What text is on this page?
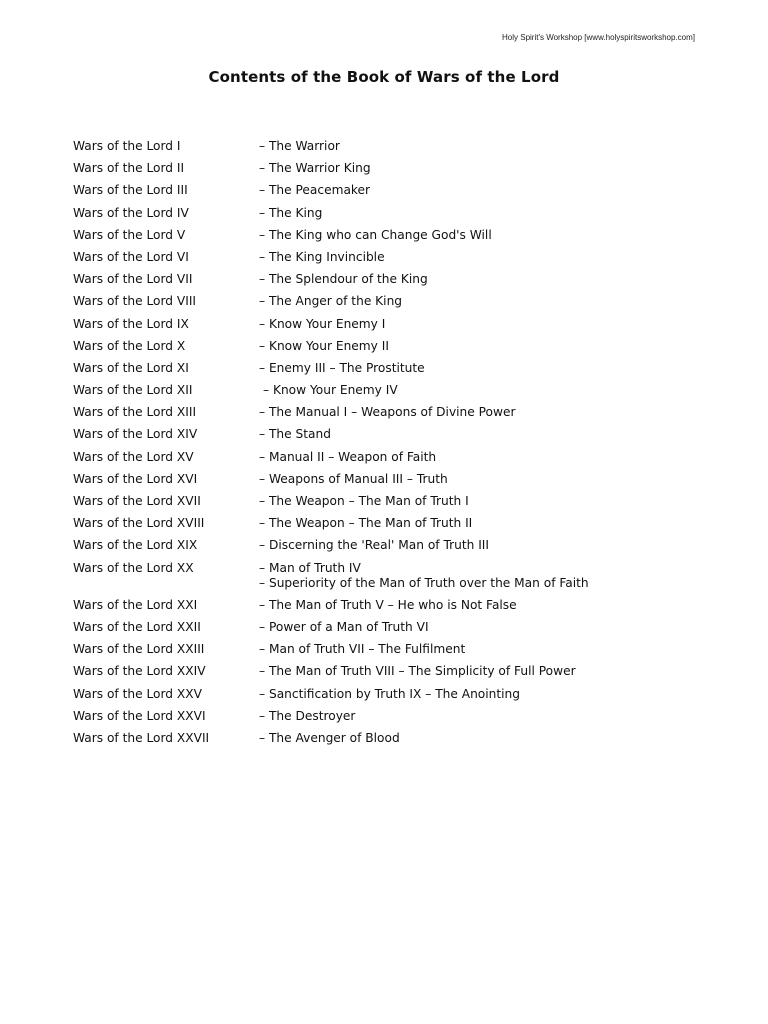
Holy Spirit's Workshop [www.holyspiritsworkshop.com]
Contents of the Book of Wars of the Lord
Wars of the Lord I	– The Warrior
Wars of the Lord II	– The Warrior King
Wars of the Lord III	– The Peacemaker
Wars of the Lord IV	– The King
Wars of the Lord V	– The King who can Change God's Will
Wars of the Lord VI	– The King Invincible
Wars of the Lord VII	– The Splendour of the King
Wars of the Lord VIII	– The Anger of the King
Wars of the Lord IX	– Know Your Enemy I
Wars of the Lord X	– Know Your Enemy II
Wars of the Lord XI	– Enemy III – The Prostitute
Wars of the Lord XII	– Know Your Enemy IV
Wars of the Lord XIII	– The Manual I – Weapons of Divine Power
Wars of the Lord XIV	– The Stand
Wars of the Lord XV	– Manual II – Weapon of Faith
Wars of the Lord XVI	– Weapons of Manual III – Truth
Wars of the Lord XVII	– The Weapon – The Man of Truth I
Wars of the Lord XVIII	– The Weapon – The Man of Truth II
Wars of the Lord XIX	– Discerning the 'Real' Man of Truth III
Wars of the Lord XX	– Man of Truth IV
– Superiority of the Man of Truth over the Man of Faith
Wars of the Lord XXI	– The Man of Truth V – He who is Not False
Wars of the Lord XXII	– Power of a Man of Truth VI
Wars of the Lord XXIII	– Man of Truth VII – The Fulfilment
Wars of the Lord XXIV	– The Man of Truth VIII – The Simplicity of Full Power
Wars of the Lord XXV	– Sanctification by Truth IX – The Anointing
Wars of the Lord XXVI	– The Destroyer
Wars of the Lord XXVII	– The Avenger of Blood
